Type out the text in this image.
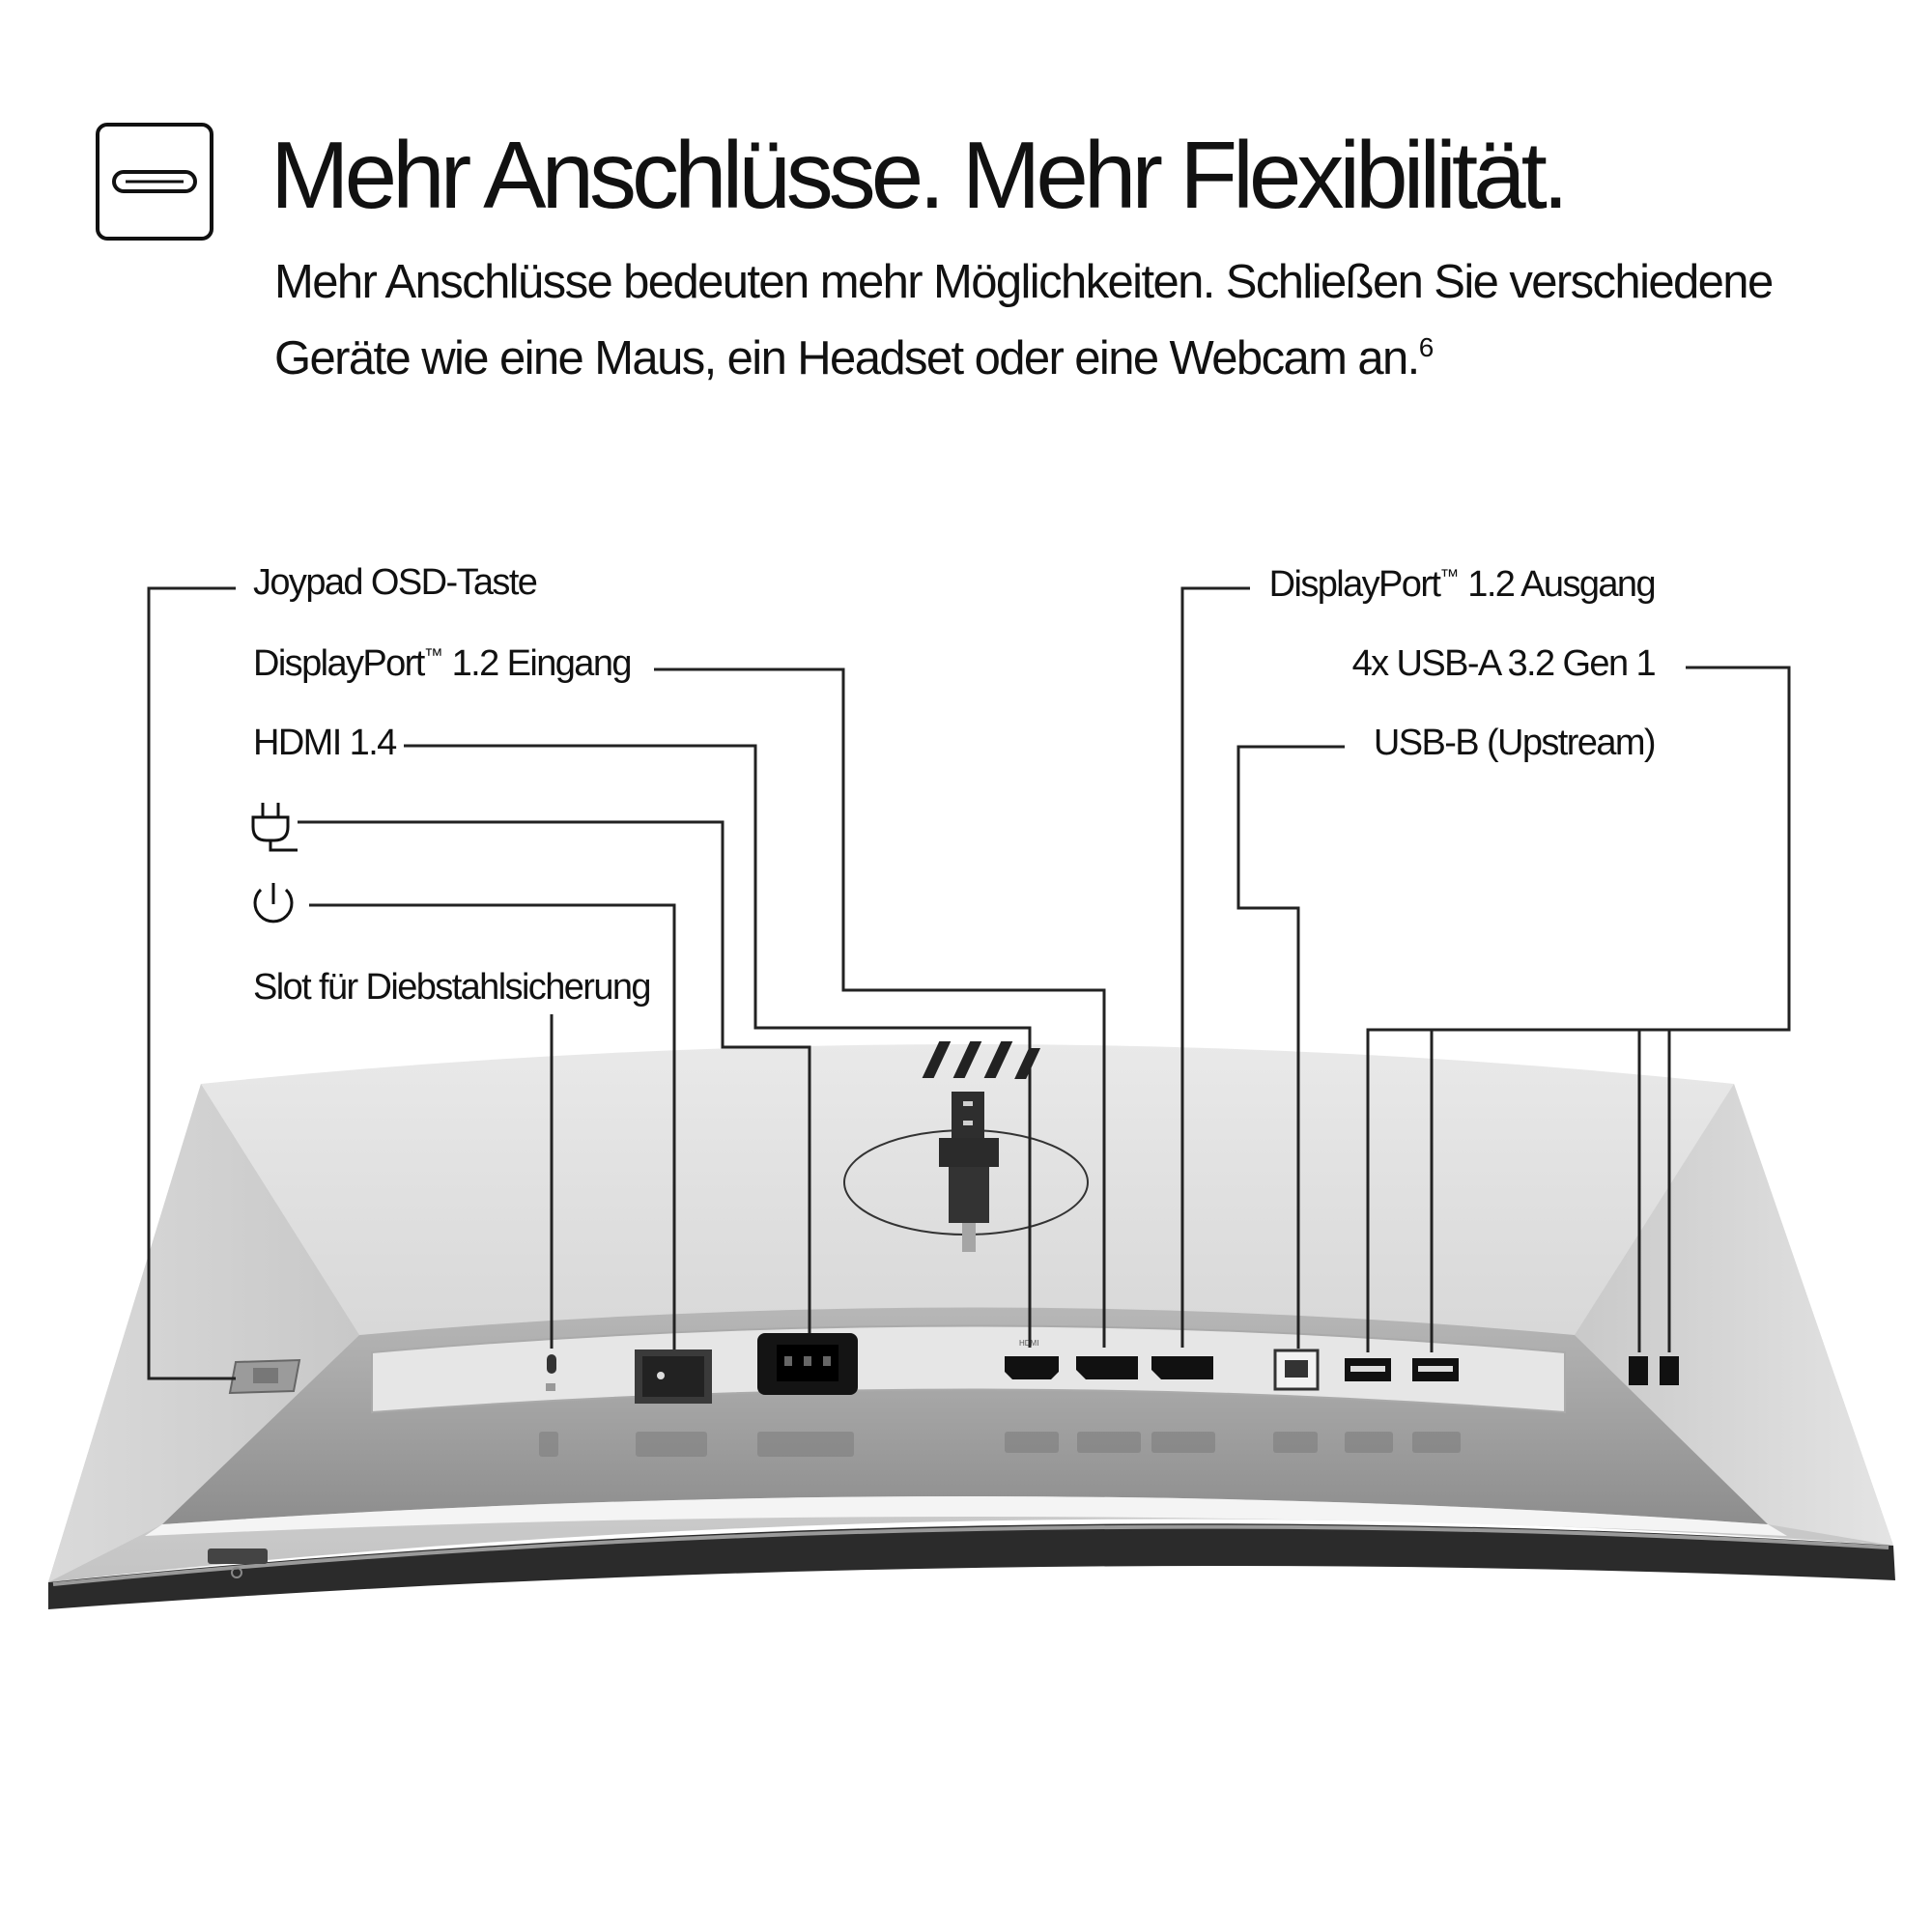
Mehr Anschlüsse. Mehr Flexibilität.

Mehr Anschlüsse bedeuten mehr Möglichkeiten. Schließen Sie verschiedene Geräte wie eine Maus, ein Headset oder eine Webcam an.$^6$

HDMI
Joypad OSD-Taste
DisplayPort™ 1.2 Eingang
HDMI 1.4
Slot für Diebstahlsicherung
DisplayPort™ 1.2 Ausgang
4x USB-A 3.2 Gen 1
USB-B (Upstream)
